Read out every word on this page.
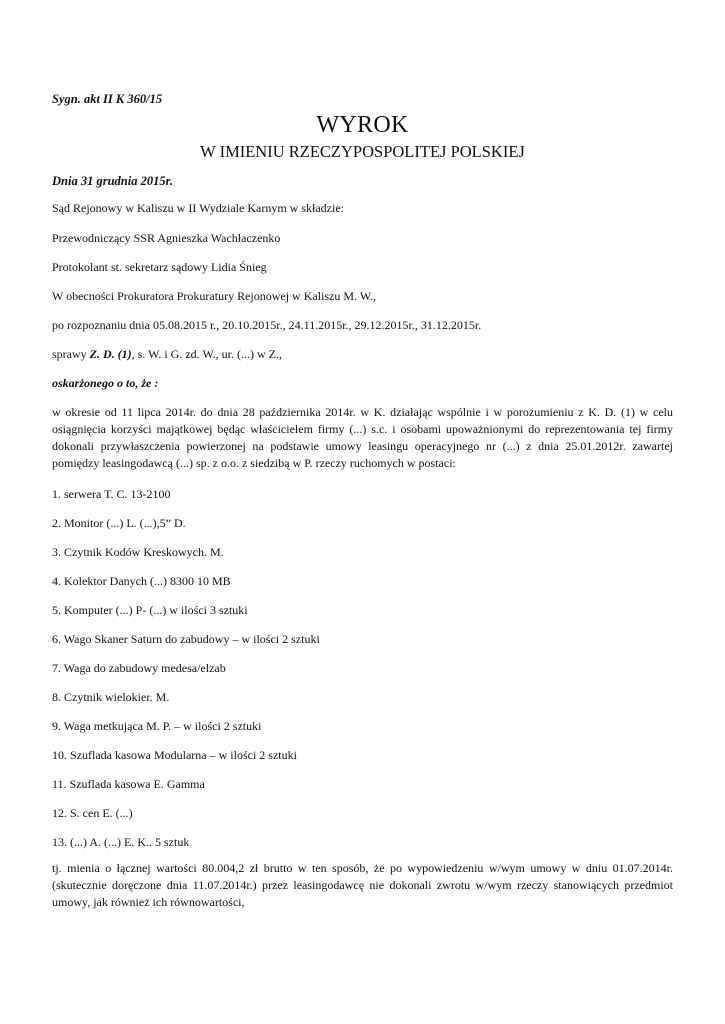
Sygn. akt II K 360/15
WYROK
W IMIENIU RZECZYPOSPOLITEJ POLSKIEJ
Dnia 31 grudnia 2015r.
Sąd Rejonowy w Kaliszu w II Wydziale Karnym w składzie:
Przewodniczący SSR Agnieszka Wachłaczenko
Protokolant st. sekretarz sądowy Lidia Śnieg
W obecności Prokuratora Prokuratury Rejonowej w Kaliszu M. W.,
po rozpoznaniu dnia 05.08.2015 r., 20.10.2015r., 24.11.2015r., 29.12.2015r., 31.12.2015r.
sprawy Z. D. (1), s. W. i G. zd. W., ur. (...) w Z.,
oskarżonego o to, że :
w okresie od 11 lipca 2014r. do dnia 28 października 2014r. w K. działając wspólnie i w porozumieniu z K. D. (1) w celu osiągnięcia korzyści majątkowej będąc właścicielem firmy (...) s.c. i osobami upoważnionymi do reprezentowania tej firmy dokonali przywłaszczenia powierzonej na podstawie umowy leasingu operacyjnego nr (...) z dnia 25.01.2012r. zawartej pomiędzy leasingodawcą (...) sp. z o.o. z siedzibą w P. rzeczy ruchomych w postaci:
1. serwera T. C. 13-2100
2. Monitor (...) L. (...),5” D.
3. Czytnik Kodów Kreskowych. M.
4. Kolektor Danych (...) 8300 10 MB
5. Komputer (...) P- (...) w ilości 3 sztuki
6. Wago Skaner Saturn do zabudowy – w ilości 2 sztuki
7. Waga do zabudowy medesa/elzab
8. Czytnik wielokier. M.
9. Waga metkująca M. P. – w ilości 2 sztuki
10. Szuflada kasowa Modularna – w ilości 2 sztuki
11. Szuflada kasowa E. Gamma
12. S. cen E. (...)
13. (...) A. (...) E. K.. 5 sztuk
tj. mienia o łącznej wartości 80.004,2 zł brutto w ten sposób, że po wypowiedzeniu w/wym umowy w dniu 01.07.2014r. (skutecznie doręczone dnia 11.07.2014r.) przez leasingodawcę nie dokonali zwrotu w/wym rzeczy stanowiących przedmiot umowy, jak również ich równowartości,
